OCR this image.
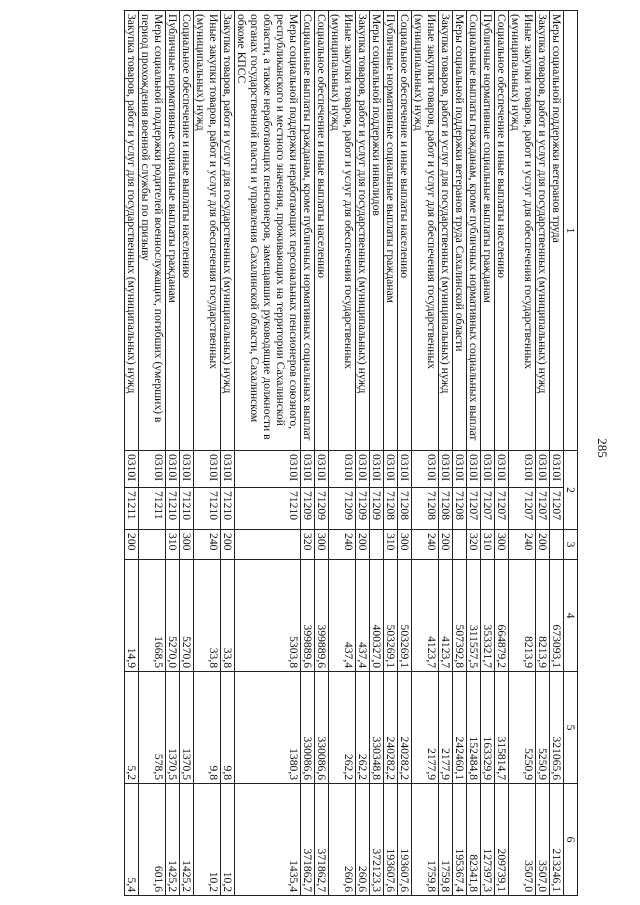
285
1	2		3	4	5	6
Меры социальной поддержки ветеранов труда	0310I	71207		673093,1	321065,6	213246,1
Закупка товаров, работ и услуг для государственных (муниципальных) нужд	0310I	71207	200	8213,9	5250,9	3507,0
Иные закупки товаров, работ и услуг для обеспечения государственных (муниципальных) нужд	0310I	71207	240	8213,9	5250,9	3507,0
Социальное обеспечение и иные выплаты населению	0310I	71207	300	664879,2	315814,7	209739,1
Публичные нормативные социальные выплаты гражданам	0310I	71207	310	353321,7	163329,9	127397,3
Социальные выплаты гражданам, кроме публичных нормативных социальных выплат	0310I	71207	320	311557,5	152484,8	82341,8
Меры социальной поддержки ветеранов труда Сахалинской области	0310I	71208		507392,8	242460,1	195367,4
Закупка товаров, работ и услуг для государственных (муниципальных) нужд	0310I	71208	200	4123,7	2177,9	1759,8
Иные закупки товаров, работ и услуг для обеспечения государственных (муниципальных) нужд	0310I	71208	240	4123,7	2177,9	1759,8
Социальное обеспечение и иные выплаты населению	0310I	71208	300	503269,1	240282,2	193607,6
Публичные нормативные социальные выплаты гражданам	0310I	71208	310	503269,1	240282,2	193607,6
Меры социальной поддержки инвалидов	0310I	71209		400327,0	330348,8	372123,3
Закупка товаров, работ и услуг для государственных (муниципальных) нужд	0310I	71209	200	437,4	262,2	260,6
Иные закупки товаров, работ и услуг для обеспечения государственных (муниципальных) нужд	0310I	71209	240	437,4	262,2	260,6
Социальное обеспечение и иные выплаты населению	0310I	71209	300	399889,6	330086,6	371862,7
Социальные выплаты гражданам, кроме публичных нормативных социальных выплат	0310I	71209	320	399889,6	330086,6	371862,7
Меры социальной поддержки неработающих персональных пенсионеров союзного, республиканского и местного значения, проживающих на территории Сахалинской области, а также неработающих пенсионеров, замещавших руководящие должности в органах государственной власти и управления Сахалинской области, Сахалинском обкоме КПСС	0310I	71210		5303,8	1380,3	1435,4
Закупка товаров, работ и услуг для государственных (муниципальных) нужд	0310I	71210	200	33,8	9,8	10,2
Иные закупки товаров, работ и услуг для обеспечения государственных (муниципальных) нужд	0310I	71210	240	33,8	9,8	10,2
Социальное обеспечение и иные выплаты населению	0310I	71210	300	5270,0	1370,5	1425,2
Публичные нормативные социальные выплаты гражданам	0310I	71210	310	5270,0	1370,5	1425,2
Меры социальной поддержки родителей военнослужащих, погибших (умерших) в период прохождения военной службы по призыву	0310I	71211		1668,5	578,5	601,6
Закупка товаров, работ и услуг для государственных (муниципальных) нужд	0310I	71211	200	14,9	5,2	5,4
